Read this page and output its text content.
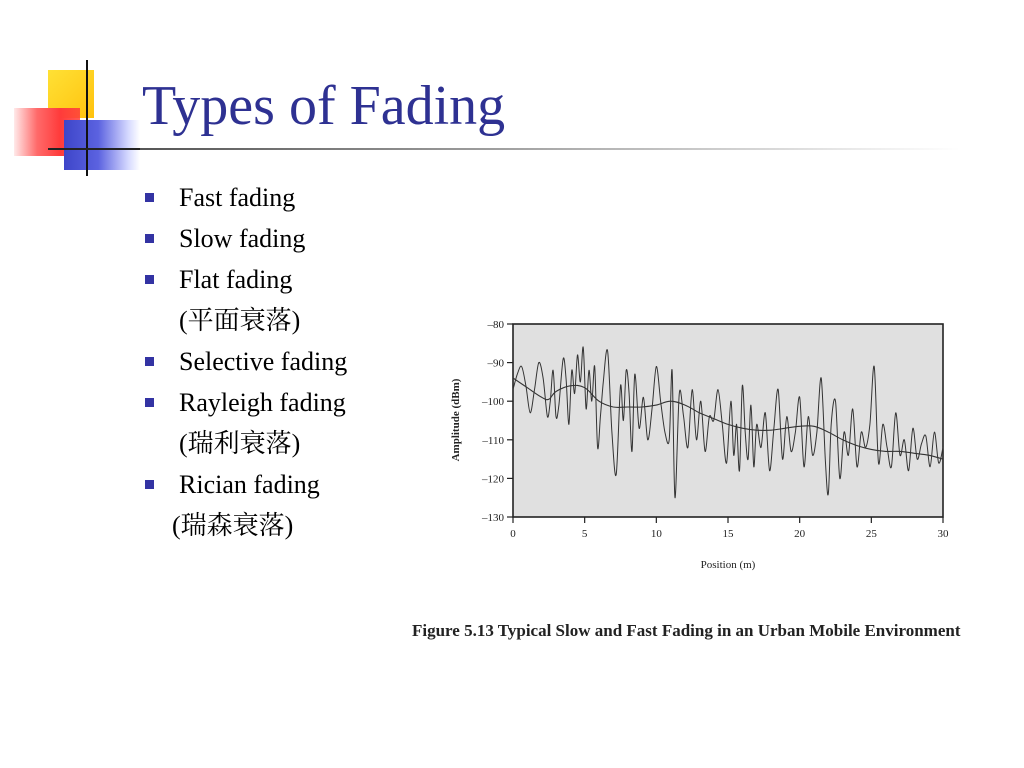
Types of Fading
Fast fading
Slow fading
Flat fading
(平面衰落)
Selective fading
Rayleigh fading
(瑞利衰落)
Rician fading
(瑞森衰落)
–80
–90
–100
–110
–120
–130
0	5	10	15	20	25	30
Position (m)
Amplitude (dBm)
Figure 5.13 Typical Slow and Fast Fading in an Urban Mobile Environment
